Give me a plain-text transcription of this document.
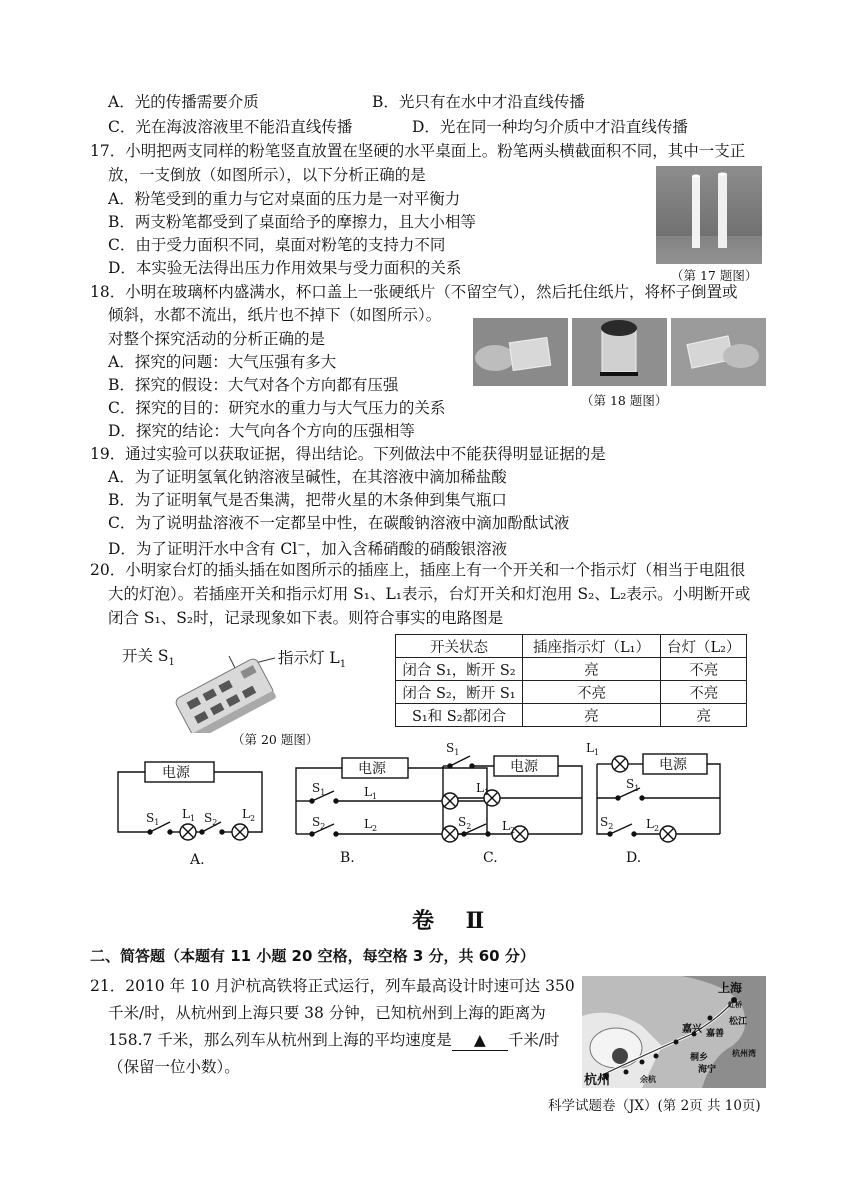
A．光的传播需要介质	B．光只有在水中才沿直线传播
C．光在海波溶液里不能沿直线传播	D．光在同一种均匀介质中才沿直线传播
17．小明把两支同样的粉笔竖直放置在坚硬的水平桌面上。粉笔两头横截面积不同，其中一支正
放，一支倒放（如图所示），以下分析正确的是
A．粉笔受到的重力与它对桌面的压力是一对平衡力
B．两支粉笔都受到了桌面给予的摩擦力，且大小相等
C．由于受力面积不同，桌面对粉笔的支持力不同
D．本实验无法得出压力作用效果与受力面积的关系	（第 17 题图）
18．小明在玻璃杯内盛满水，杯口盖上一张硬纸片（不留空气），然后托住纸片，将杯子倒置或
倾斜，水都不流出，纸片也不掉下（如图所示）。
对整个探究活动的分析正确的是
A．探究的问题：大气压强有多大
B．探究的假设：大气对各个方向都有压强
C．探究的目的：研究水的重力与大气压力的关系
D．探究的结论：大气向各个方向的压强相等
（第 18 题图）
19．通过实验可以获取证据，得出结论。下列做法中不能获得明显证据的是
A．为了证明氢氧化钠溶液呈碱性，在其溶液中滴加稀盐酸
B．为了证明氧气是否集满，把带火星的木条伸到集气瓶口
C．为了说明盐溶液不一定都呈中性，在碳酸钠溶液中滴加酚酞试液
D．为了证明汗水中含有 Cl−，加入含稀硝酸的硝酸银溶液
20．小明家台灯的插头插在如图所示的插座上，插座上有一个开关和一个指示灯（相当于电阻很
大的灯泡）。若插座开关和指示灯用 S₁、L₁表示，台灯开关和灯泡用 S₂、L₂表示。小明断开或
闭合 S₁、S₂时，记录现象如下表。则符合事实的电路图是
开关 $S_1$	指示灯 $L_1$
（第 20 题图）
开关状态	插座指示灯（L₁）	台灯（L₂）
闭合 S₁，断开 S₂	亮	不亮
闭合 S₂，断开 S₁	不亮	不亮
S₁和 S₂都闭合	亮	亮
电源	电源	电源	电源
$S_1$
$L_1$ $S_2$
$L_2$
$S_1$	$L_1$
$S_2$	$L_2$
$S_1$
$L_1$
$S_2$	$L_2$
$L_1$
$S_1$
$S_2$	$L_2$
A.	B.	C.	D.
卷 Ⅱ
二、简答题（本题有 11 小题 20 空格，每空格 3 分，共 60 分）
21．2010 年 10 月沪杭高铁将正式运行，列车最高设计时速可达 350
千米/时，从杭州到上海只要 38 分钟，已知杭州到上海的距离为
158.7 千米，那么列车从杭州到上海的平均速度是 ▲ 千米/时
（保留一位小数）。
上海
虹桥
松江
嘉兴 嘉善
桐乡
海宁
余杭
杭州
杭州湾
科学试题卷（JX）(第 2页 共 10页)
